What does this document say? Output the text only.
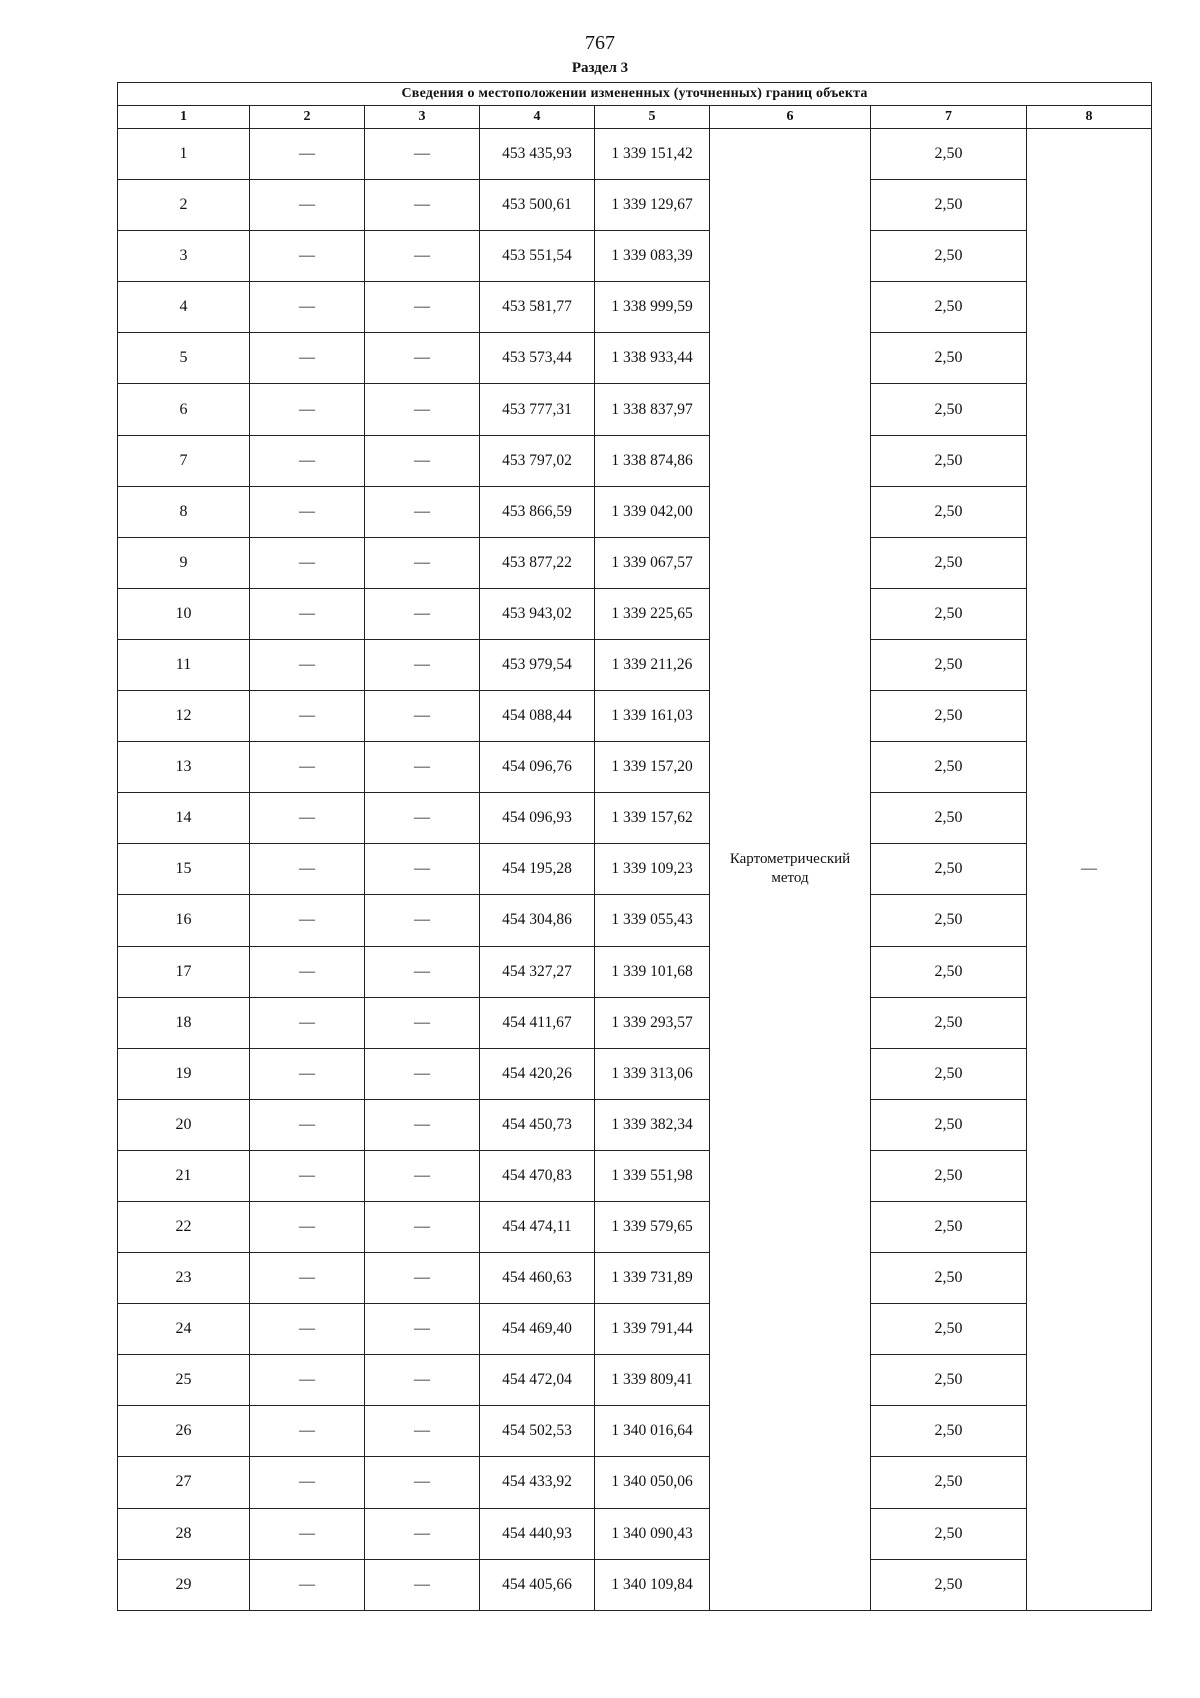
767
Раздел 3
Сведения о местоположении измененных (уточненных) границ объекта							
1	2	3	4	5	6	7	8
1	—	—	453 435,93	1 339 151,42	Картометрический метод	2,50	—
2	—	—	453 500,61	1 339 129,67		2,50	
3	—	—	453 551,54	1 339 083,39		2,50	
4	—	—	453 581,77	1 338 999,59		2,50	
5	—	—	453 573,44	1 338 933,44		2,50	
6	—	—	453 777,31	1 338 837,97		2,50	
7	—	—	453 797,02	1 338 874,86		2,50	
8	—	—	453 866,59	1 339 042,00		2,50	
9	—	—	453 877,22	1 339 067,57		2,50	
10	—	—	453 943,02	1 339 225,65		2,50	
11	—	—	453 979,54	1 339 211,26		2,50	
12	—	—	454 088,44	1 339 161,03		2,50	
13	—	—	454 096,76	1 339 157,20		2,50	
14	—	—	454 096,93	1 339 157,62		2,50	
15	—	—	454 195,28	1 339 109,23		2,50	
16	—	—	454 304,86	1 339 055,43		2,50	
17	—	—	454 327,27	1 339 101,68		2,50	
18	—	—	454 411,67	1 339 293,57		2,50	
19	—	—	454 420,26	1 339 313,06		2,50	
20	—	—	454 450,73	1 339 382,34		2,50	
21	—	—	454 470,83	1 339 551,98		2,50	
22	—	—	454 474,11	1 339 579,65		2,50	
23	—	—	454 460,63	1 339 731,89		2,50	
24	—	—	454 469,40	1 339 791,44		2,50	
25	—	—	454 472,04	1 339 809,41		2,50	
26	—	—	454 502,53	1 340 016,64		2,50	
27	—	—	454 433,92	1 340 050,06		2,50	
28	—	—	454 440,93	1 340 090,43		2,50	
29	—	—	454 405,66	1 340 109,84		2,50	
